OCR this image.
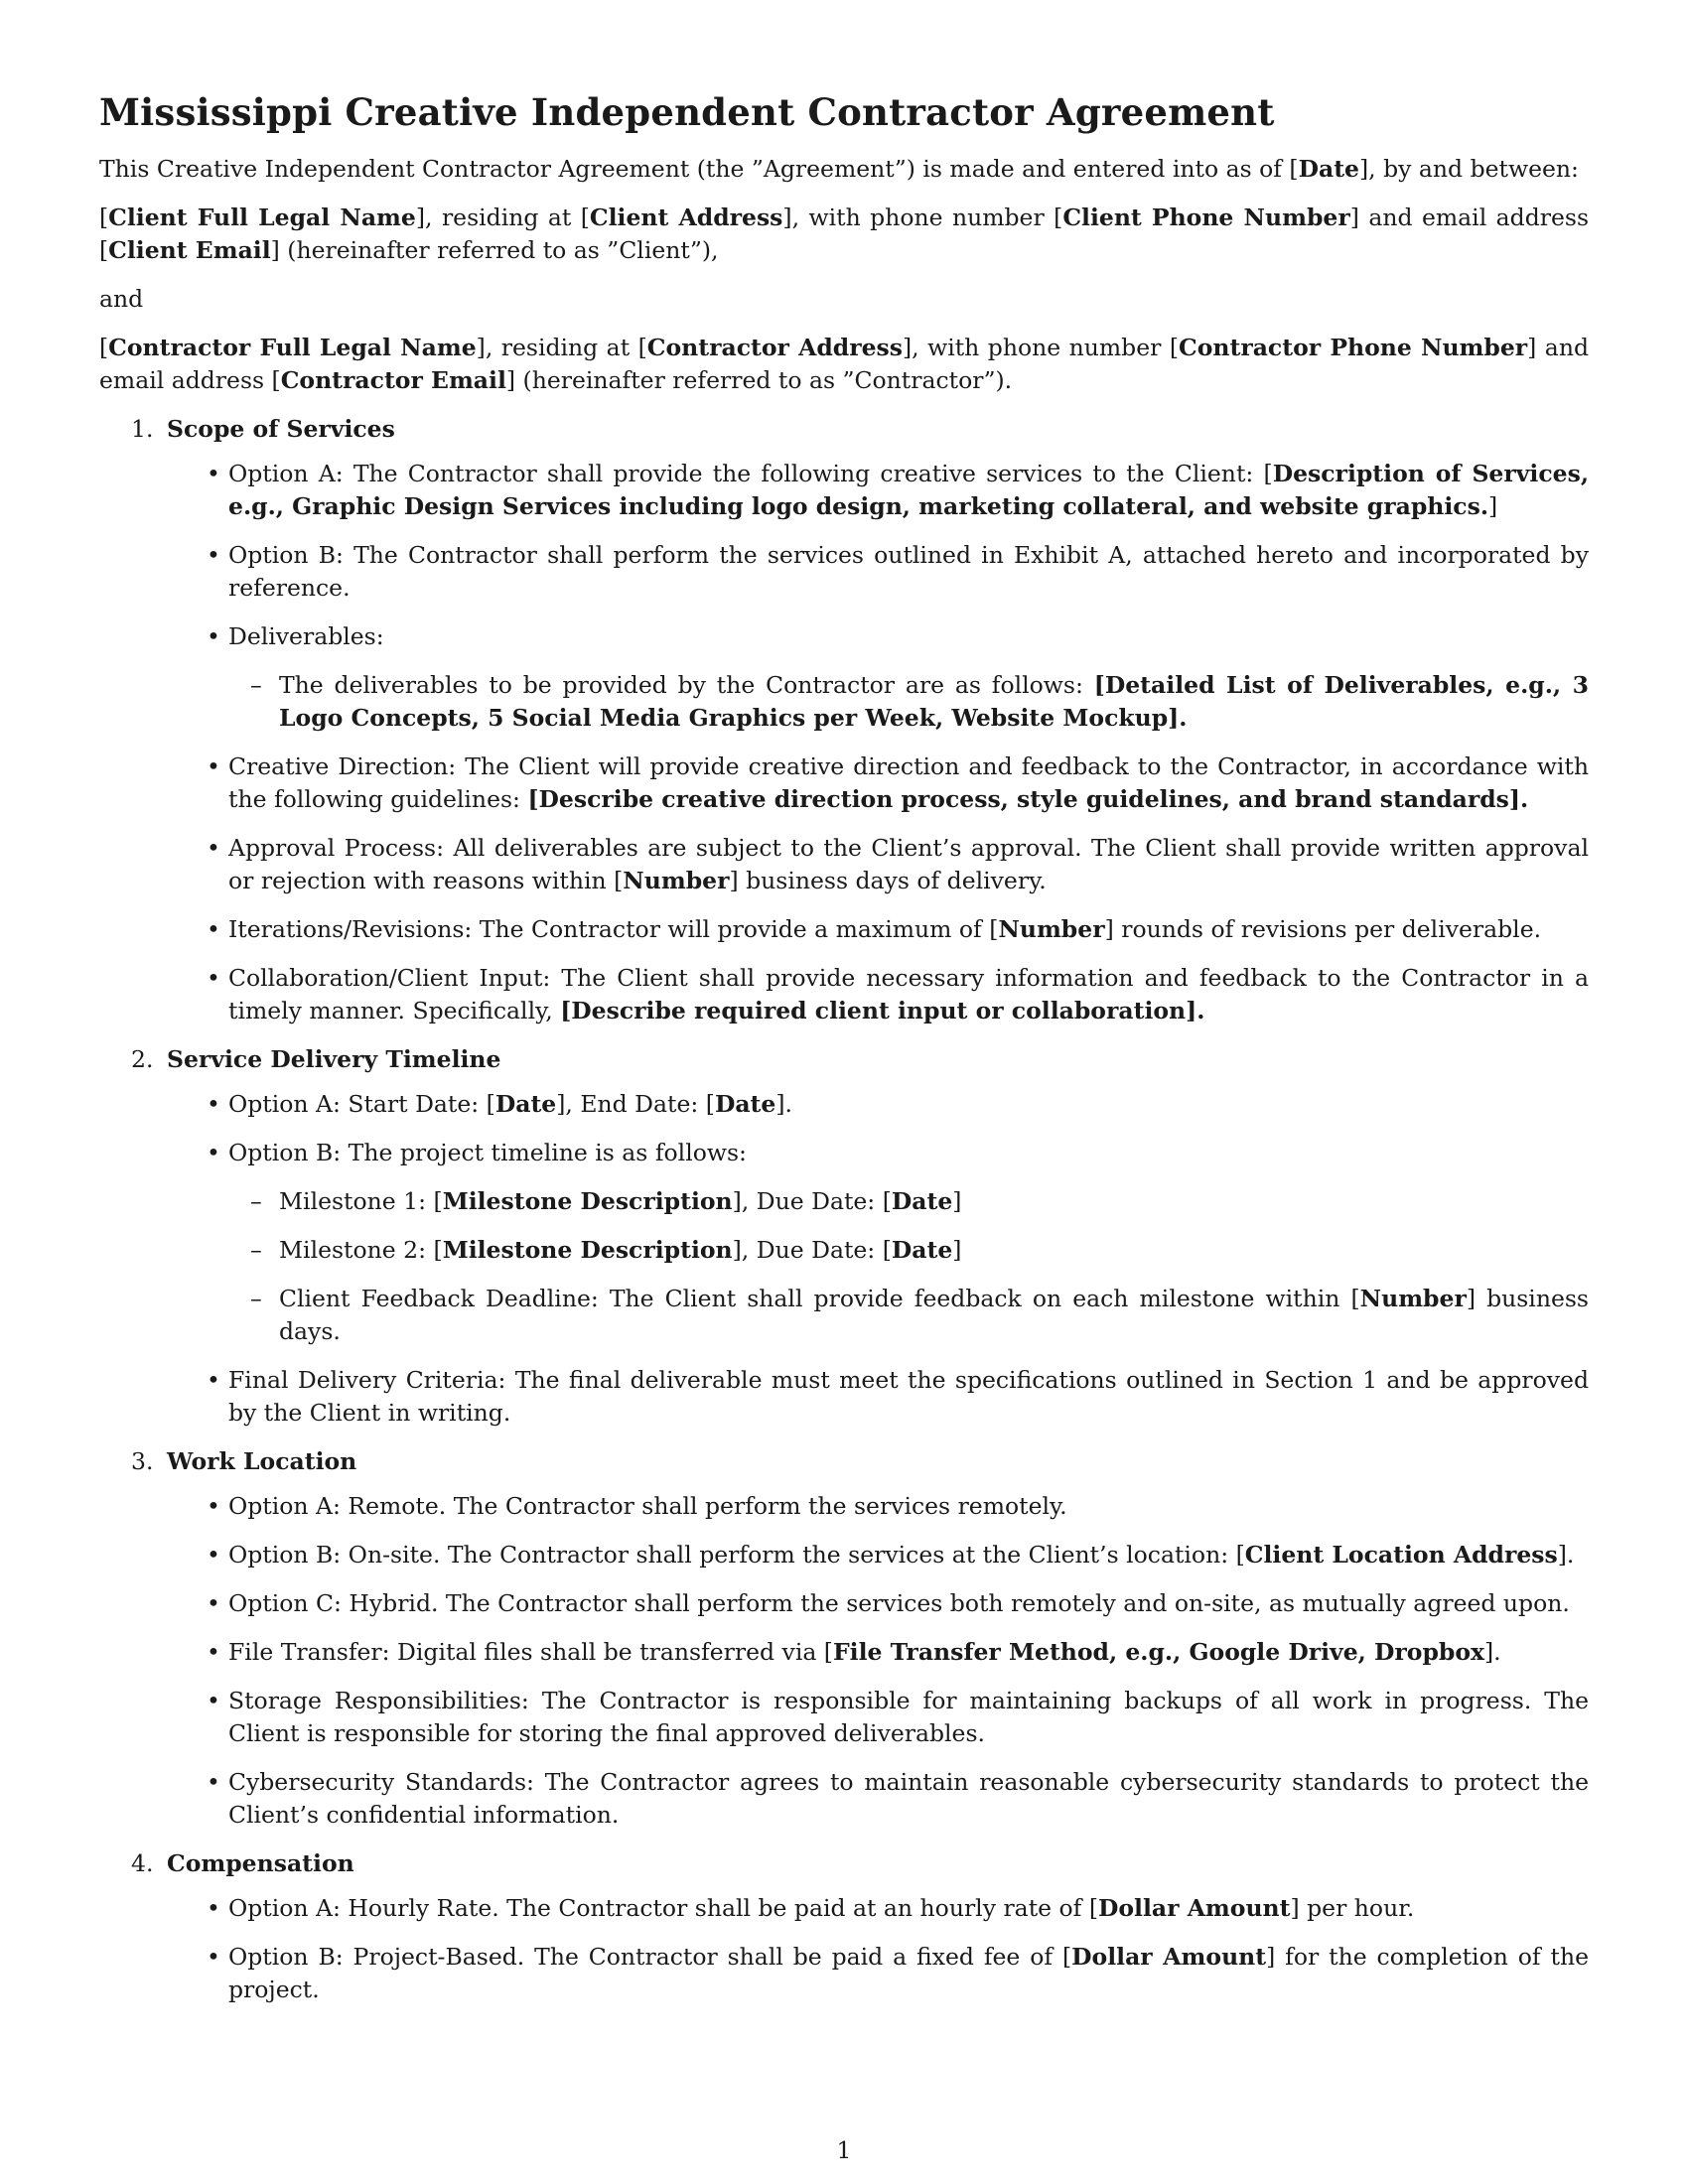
Mississippi Creative Independent Contractor Agreement

This Creative Independent Contractor Agreement (the ”Agreement”) is made and entered into as of [Date], by and between:

[Client Full Legal Name], residing at [Client Address], with phone number [Client Phone Number] and email address [Client Email] (hereinafter referred to as ”Client”),

and

[Contractor Full Legal Name], residing at [Contractor Address], with phone number [Contractor Phone Number] and email address [Contractor Email] (hereinafter referred to as ”Contractor”).

1. Scope of Services
• Option A: The Contractor shall provide the following creative services to the Client: [Description of Services, e.g., Graphic Design Services including logo design, marketing collateral, and website graphics.]
• Option B: The Contractor shall perform the services outlined in Exhibit A, attached hereto and incorporated by reference.
• Deliverables:
– The deliverables to be provided by the Contractor are as follows: [Detailed List of Deliverables, e.g., 3 Logo Concepts, 5 Social Media Graphics per Week, Website Mockup].
• Creative Direction: The Client will provide creative direction and feedback to the Contractor, in accordance with the following guidelines: [Describe creative direction process, style guidelines, and brand standards].
• Approval Process: All deliverables are subject to the Client’s approval. The Client shall provide written approval or rejection with reasons within [Number] business days of delivery.
• Iterations/Revisions: The Contractor will provide a maximum of [Number] rounds of revisions per deliverable.
• Collaboration/Client Input: The Client shall provide necessary information and feedback to the Contractor in a timely manner. Specifically, [Describe required client input or collaboration].
2. Service Delivery Timeline
• Option A: Start Date: [Date], End Date: [Date].
• Option B: The project timeline is as follows:
– Milestone 1: [Milestone Description], Due Date: [Date]
– Milestone 2: [Milestone Description], Due Date: [Date]
– Client Feedback Deadline: The Client shall provide feedback on each milestone within [Number] business days.
• Final Delivery Criteria: The final deliverable must meet the specifications outlined in Section 1 and be approved by the Client in writing.
3. Work Location
• Option A: Remote. The Contractor shall perform the services remotely.
• Option B: On-site. The Contractor shall perform the services at the Client’s location: [Client Location Address].
• Option C: Hybrid. The Contractor shall perform the services both remotely and on-site, as mutually agreed upon.
• File Transfer: Digital files shall be transferred via [File Transfer Method, e.g., Google Drive, Dropbox].
• Storage Responsibilities: The Contractor is responsible for maintaining backups of all work in progress. The Client is responsible for storing the final approved deliverables.
• Cybersecurity Standards: The Contractor agrees to maintain reasonable cybersecurity standards to protect the Client’s confidential information.
4. Compensation
• Option A: Hourly Rate. The Contractor shall be paid at an hourly rate of [Dollar Amount] per hour.
• Option B: Project-Based. The Contractor shall be paid a fixed fee of [Dollar Amount] for the completion of the project.
1
